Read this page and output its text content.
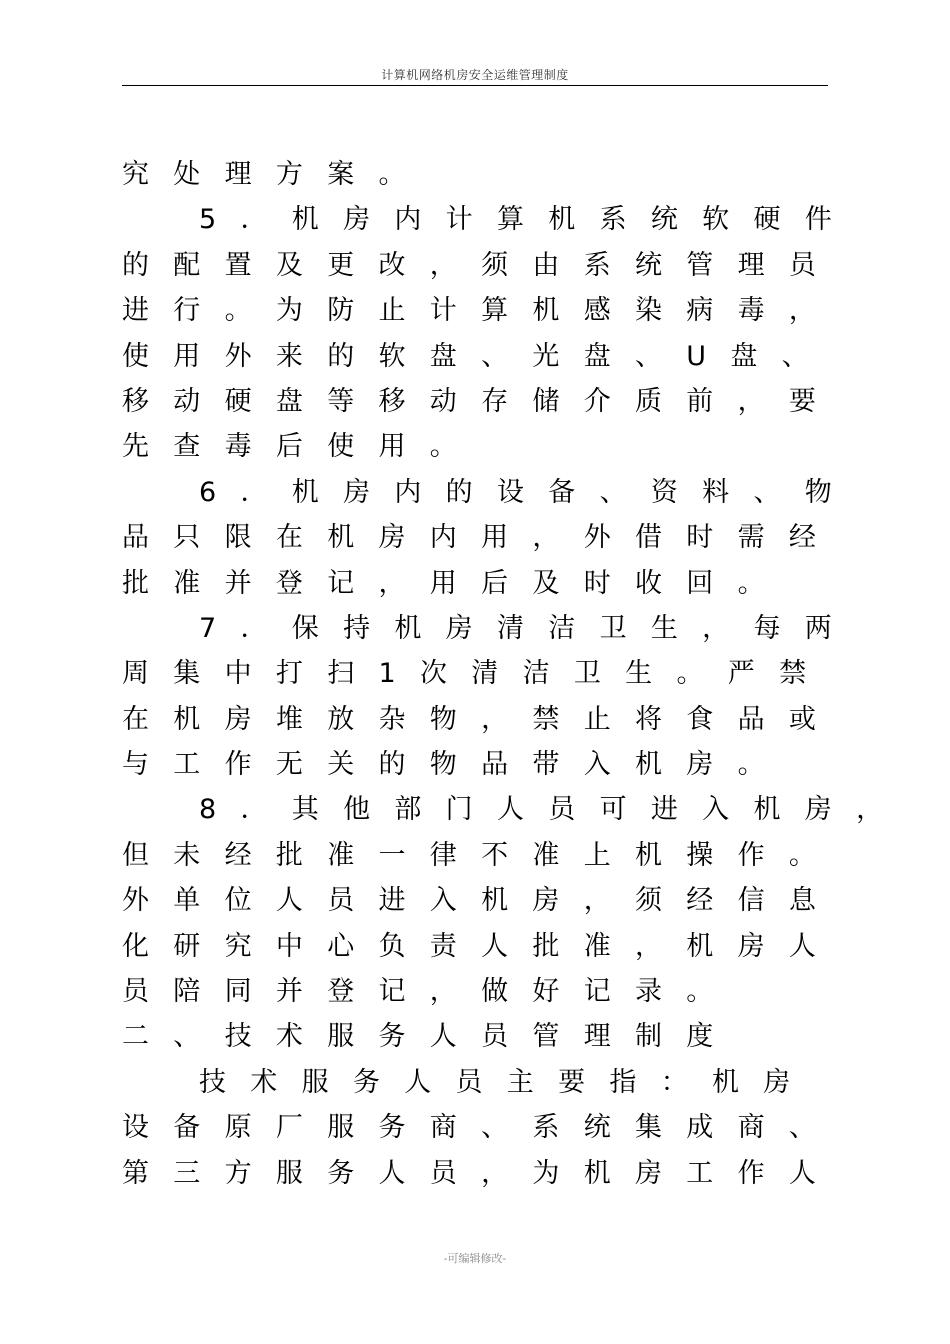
计算机网络机房安全运维管理制度
究处理方案。
5．机房内计算机系统软硬件
的配置及更改，须由系统管理员
进行。为防止计算机感染病毒，
使用外来的软盘、光盘、U盘、
移动硬盘等移动存储介质前，要
先查毒后使用。
6．机房内的设备、资料、物
品只限在机房内用，外借时需经
批准并登记，用后及时收回。
7．保持机房清洁卫生，每两
周集中打扫1次清洁卫生。严禁
在机房堆放杂物，禁止将食品或
与工作无关的物品带入机房。
8．其他部门人员可进入机房，
但未经批准一律不准上机操作。
外单位人员进入机房，须经信息
化研究中心负责人批准，机房人
员陪同并登记，做好记录。
二、技术服务人员管理制度
技术服务人员主要指：机房
设备原厂服务商、系统集成商、
第三方服务人员，为机房工作人
-可编辑修改-
